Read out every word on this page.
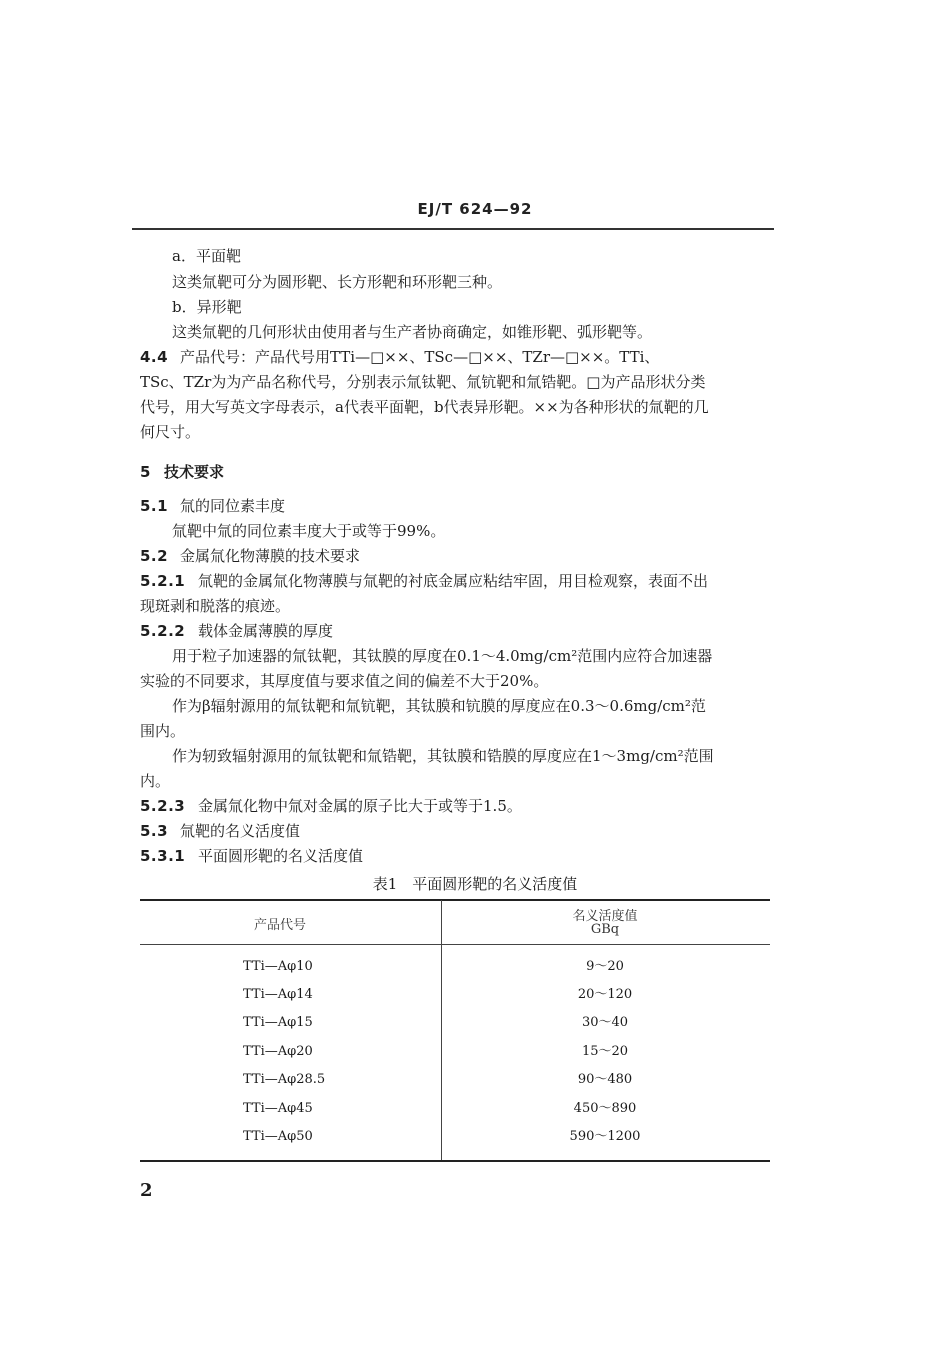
EJ/T 624—92
a．平面靶
这类氚靶可分为圆形靶、长方形靶和环形靶三种。
b．异形靶
这类氚靶的几何形状由使用者与生产者协商确定，如锥形靶、弧形靶等。
4.4 产品代号：产品代号用TTi—□××、TSc—□××、TZr—□××。TTi、
TSc、TZr为为产品名称代号，分别表示氚钛靶、氚钪靶和氚锆靶。□为产品形状分类
代号，用大写英文字母表示，a代表平面靶，b代表异形靶。××为各种形状的氚靶的几
何尺寸。
5 技术要求
5.1 氚的同位素丰度
氚靶中氚的同位素丰度大于或等于99%。
5.2 金属氚化物薄膜的技术要求
5.2.1 氚靶的金属氚化物薄膜与氚靶的衬底金属应粘结牢固，用目检观察，表面不出
现斑剥和脱落的痕迹。
5.2.2 载体金属薄膜的厚度
用于粒子加速器的氚钛靶，其钛膜的厚度在0.1～4.0mg/cm²范围内应符合加速器
实验的不同要求，其厚度值与要求值之间的偏差不大于20%。
作为β辐射源用的氚钛靶和氚钪靶，其钛膜和钪膜的厚度应在0.3～0.6mg/cm²范
围内。
作为轫致辐射源用的氚钛靶和氚锆靶，其钛膜和锆膜的厚度应在1～3mg/cm²范围
内。
5.2.3 金属氚化物中氚对金属的原子比大于或等于1.5。
5.3 氚靶的名义活度值
5.3.1 平面圆形靶的名义活度值
表1　平面圆形靶的名义活度值
产品代号
名义活度值
GBq
TTi—Aφ10	9～20
TTi—Aφ14	20～120
TTi—Aφ15	30～40
TTi—Aφ20	15～20
TTi—Aφ28.5	90～480
TTi—Aφ45	450～890
TTi—Aφ50	590～1200
2
